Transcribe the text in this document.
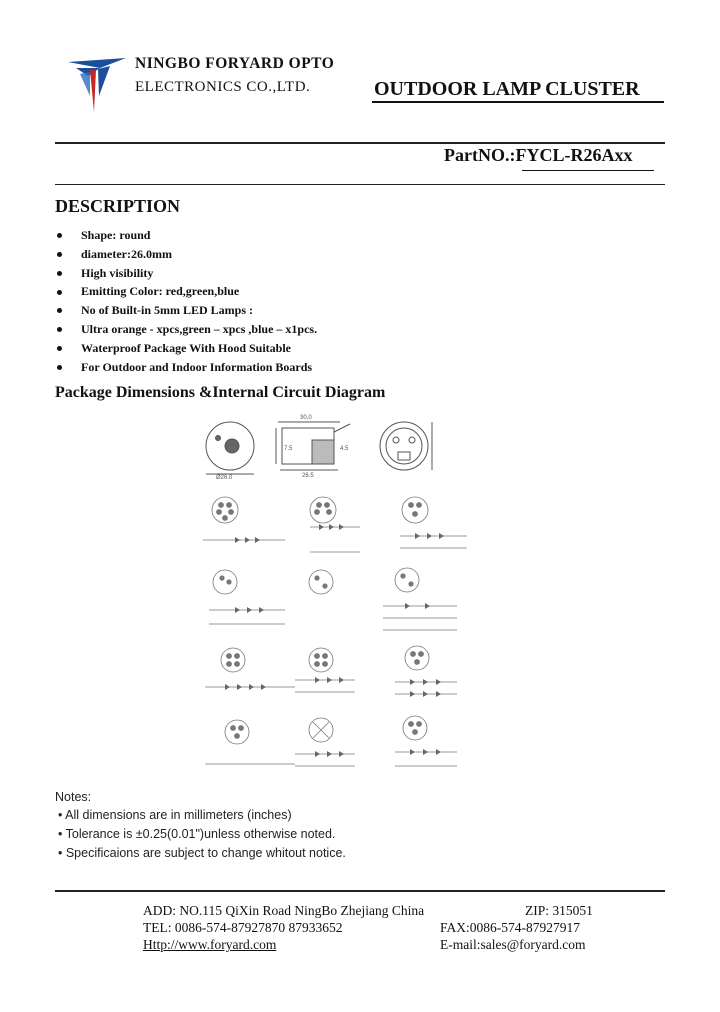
NINGBO FORYARD OPTO
ELECTRONICS CO.,LTD.	OUTDOOR LAMP CLUSTER
PartNO.:FYCL-R26Axx
DESCRIPTION
Shape: round
diameter:26.0mm
High visibility
Emitting Color: red,green,blue
No of Built-in 5mm LED Lamps :
Ultra orange - xpcs,green – xpcs ,blue – x1pcs.
Waterproof Package With Hood Suitable
For Outdoor and Indoor Information Boards
Package Dimensions &Internal Circuit Diagram
Ø26.0
30.0
26.5
4.5
7.5
Notes:
• All dimensions are in millimeters (inches)
• Tolerance is ±0.25(0.01")unless otherwise noted.
• Specificaions are subject to change whitout notice.
ADD: NO.115 QiXin Road NingBo Zhejiang China	ZIP: 315051
TEL: 0086-574-87927870 87933652	FAX:0086-574-87927917
Http://www.foryard.com	E-mail:sales@foryard.com
